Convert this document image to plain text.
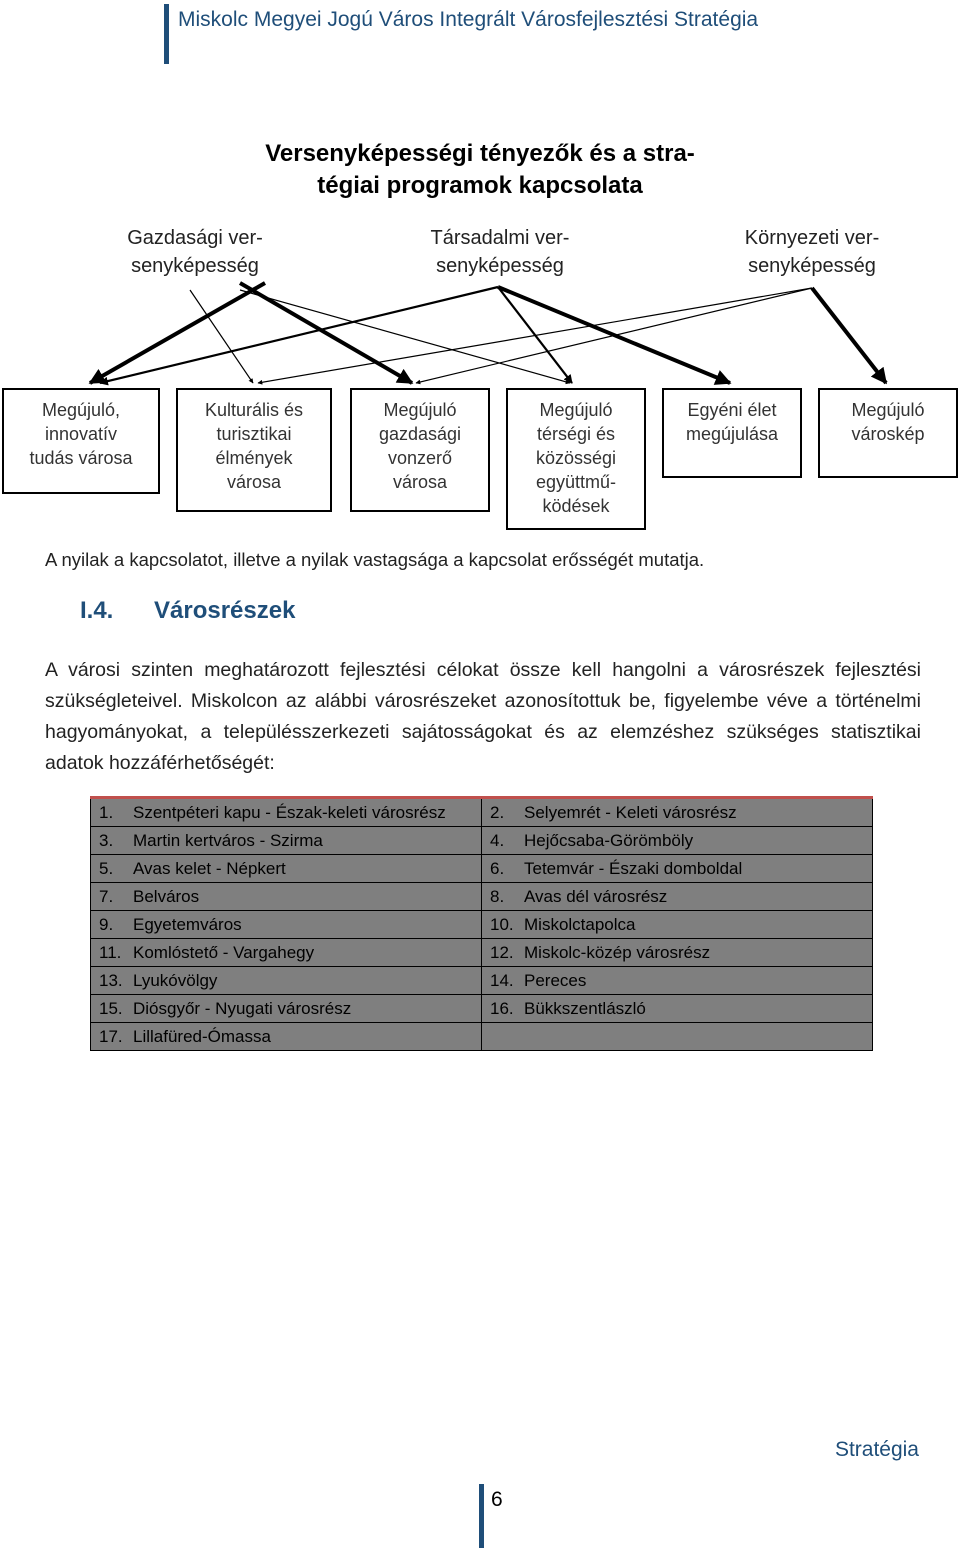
Miskolc Megyei Jogú Város Integrált Városfejlesztési Stratégia
Versenyképességi tényezők és a stra-
tégiai programok kapcsolata
Gazdasági ver-
senyképesség
Társadalmi ver-
senyképesség
Környezeti ver-
senyképesség
Megújuló,
innovatív
tudás városa
Kulturális és
turisztikai
élmények
városa
Megújuló
gazdasági
vonzerő
városa
Megújuló
térségi és
közösségi
együttmű-
ködések
Egyéni élet
megújulása
Megújuló
városkép
A nyilak a kapcsolatot, illetve a nyilak vastagsága a kapcsolat erősségét mutatja.
I.4. Városrészek
A városi szinten meghatározott fejlesztési célokat össze kell hangolni a városrészek fejlesztési szükségleteivel. Miskolcon az alábbi városrészeket azonosítottuk be, figyelembe véve a történelmi hagyományokat, a településszerkezeti sajátosságokat és az elemzéshez szükséges statisztikai adatok hozzáférhetőségét:
1. Szentpéteri kapu - Észak-keleti városrész	2. Selyemrét - Keleti városrész

3. Martin kertváros - Szirma	4. Hejőcsaba-Görömböly

5. Avas kelet - Népkert	6. Tetemvár - Északi domboldal

7. Belváros	8. Avas dél városrész

9. Egyetemváros	10. Miskolctapolca

11. Komlóstető - Vargahegy	12. Miskolc-közép városrész

13. Lyukóvölgy	14. Pereces

15. Diósgyőr - Nyugati városrész	16. Bükkszentlászló

17. Lillafüred-Ómassa	

Stratégia
6
